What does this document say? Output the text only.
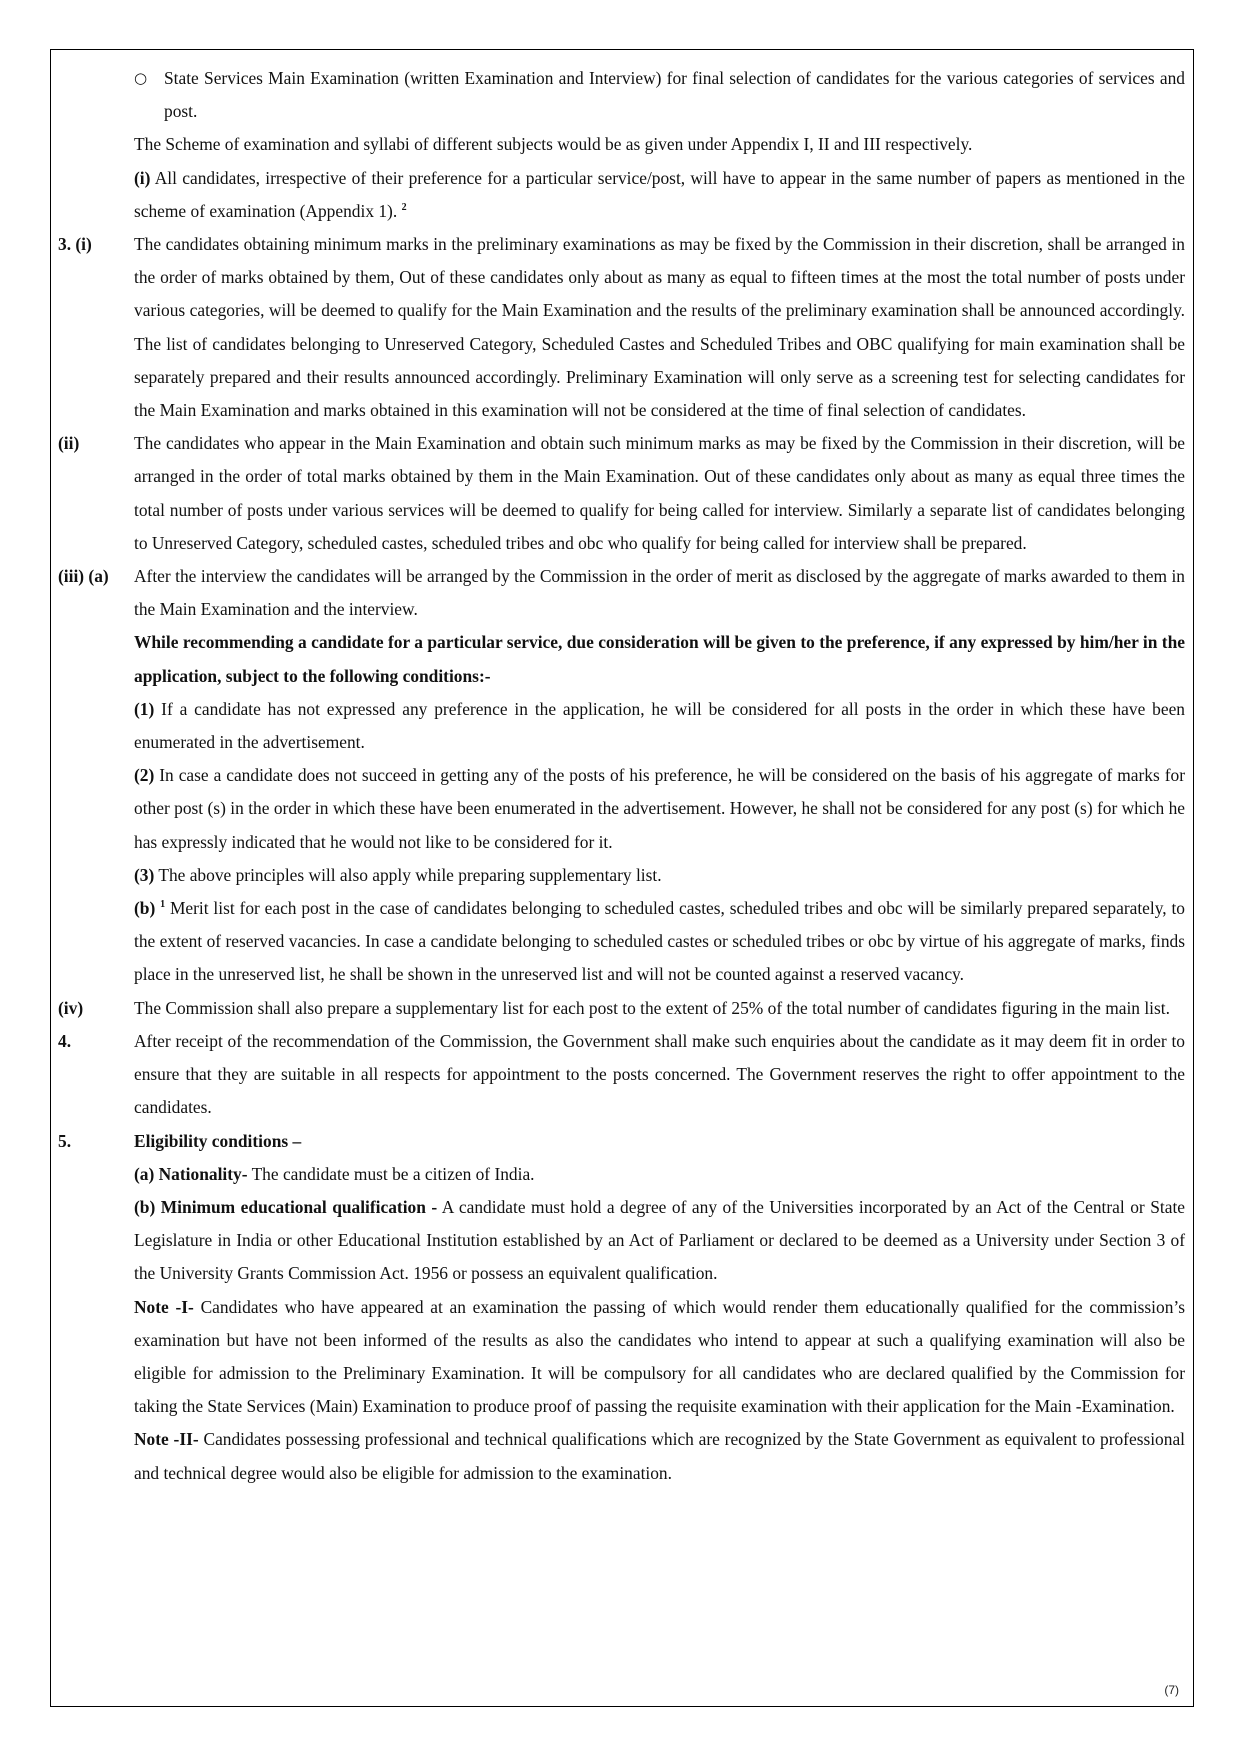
○ State Services Main Examination (written Examination and Interview) for final selection of candidates for the various categories of services and post.
The Scheme of examination and syllabi of different subjects would be as given under Appendix I, II and III respectively.
(i) All candidates, irrespective of their preference for a particular service/post, will have to appear in the same number of papers as mentioned in the scheme of examination (Appendix 1). $^2$
3. (i)	The candidates obtaining minimum marks in the preliminary examinations as may be fixed by the Commission in their discretion, shall be arranged in the order of marks obtained by them, Out of these candidates only about as many as equal to fifteen times at the most the total number of posts under various categories, will be deemed to qualify for the Main Examination and the results of the preliminary examination shall be announced accordingly. The list of candidates belonging to Unreserved Category, Scheduled Castes and Scheduled Tribes and OBC qualifying for main examination shall be separately prepared and their results announced accordingly. Preliminary Examination will only serve as a screening test for selecting candidates for the Main Examination and marks obtained in this examination will not be considered at the time of final selection of candidates.
(ii)	The candidates who appear in the Main Examination and obtain such minimum marks as may be fixed by the Commission in their discretion, will be arranged in the order of total marks obtained by them in the Main Examination. Out of these candidates only about as many as equal three times the total number of posts under various services will be deemed to qualify for being called for interview. Similarly a separate list of candidates belonging to Unreserved Category, scheduled castes, scheduled tribes and obc who qualify for being called for interview shall be prepared.
(iii) (a)	After the interview the candidates will be arranged by the Commission in the order of merit as disclosed by the aggregate of marks awarded to them in the Main Examination and the interview.
While recommending a candidate for a particular service, due consideration will be given to the preference, if any expressed by him/her in the application, subject to the following conditions:-
(1) If a candidate has not expressed any preference in the application, he will be considered for all posts in the order in which these have been enumerated in the advertisement.
(2) In case a candidate does not succeed in getting any of the posts of his preference, he will be considered on the basis of his aggregate of marks for other post (s) in the order in which these have been enumerated in the advertisement. However, he shall not be considered for any post (s) for which he has expressly indicated that he would not like to be considered for it.
(3) The above principles will also apply while preparing supplementary list.
(b) $^1$ Merit list for each post in the case of candidates belonging to scheduled castes, scheduled tribes and obc will be similarly prepared separately, to the extent of reserved vacancies. In case a candidate belonging to scheduled castes or scheduled tribes or obc by virtue of his aggregate of marks, finds place in the unreserved list, he shall be shown in the unreserved list and will not be counted against a reserved vacancy.
(iv)	The Commission shall also prepare a supplementary list for each post to the extent of 25% of the total number of candidates figuring in the main list.
4.	After receipt of the recommendation of the Commission, the Government shall make such enquiries about the candidate as it may deem fit in order to ensure that they are suitable in all respects for appointment to the posts concerned. The Government reserves the right to offer appointment to the candidates.
5.	Eligibility conditions –
(a) Nationality- The candidate must be a citizen of India.
(b) Minimum educational qualification - A candidate must hold a degree of any of the Universities incorporated by an Act of the Central or State Legislature in India or other Educational Institution established by an Act of Parliament or declared to be deemed as a University under Section 3 of the University Grants Commission Act. 1956 or possess an equivalent qualification.
Note -I- Candidates who have appeared at an examination the passing of which would render them educationally qualified for the commission’s examination but have not been informed of the results as also the candidates who intend to appear at such a qualifying examination will also be eligible for admission to the Preliminary Examination. It will be compulsory for all candidates who are declared qualified by the Commission for taking the State Services (Main) Examination to produce proof of passing the requisite examination with their application for the Main -Examination.
Note -II- Candidates possessing professional and technical qualifications which are recognized by the State Government as equivalent to professional and technical degree would also be eligible for admission to the examination.
(7)
